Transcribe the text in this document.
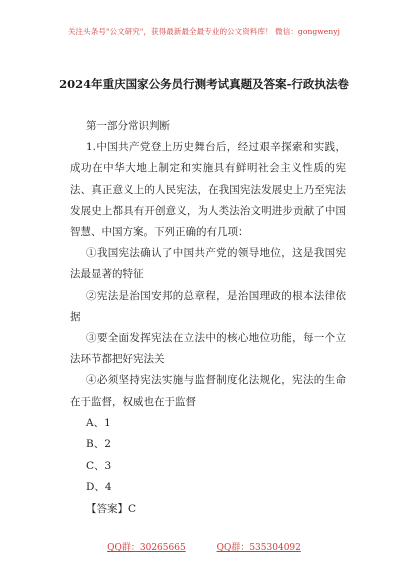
关注头条号"公文研究"，获得最新最全最专业的公文资料库！ 微信：gongwenyj
2024年重庆国家公务员行测考试真题及答案-行政执法卷

第一部分常识判断

1.中国共产党登上历史舞台后，经过艰辛探索和实践，成功在中华大地上制定和实施具有鲜明社会主义性质的宪法、真正意义上的人民宪法，在我国宪法发展史上乃至宪法发展史上都具有开创意义，为人类法治文明进步贡献了中国智慧、中国方案。下列正确的有几项：

①我国宪法确认了中国共产党的领导地位，这是我国宪法最显著的特征

②宪法是治国安邦的总章程，是治国理政的根本法律依据

③要全面发挥宪法在立法中的核心地位功能，每一个立法环节都把好宪法关

④必须坚持宪法实施与监督制度化法规化，宪法的生命在于监督，权威也在于监督

A、1

B、2

C、3

D、4

【答案】C

QQ群：30265665	QQ群：535304092
